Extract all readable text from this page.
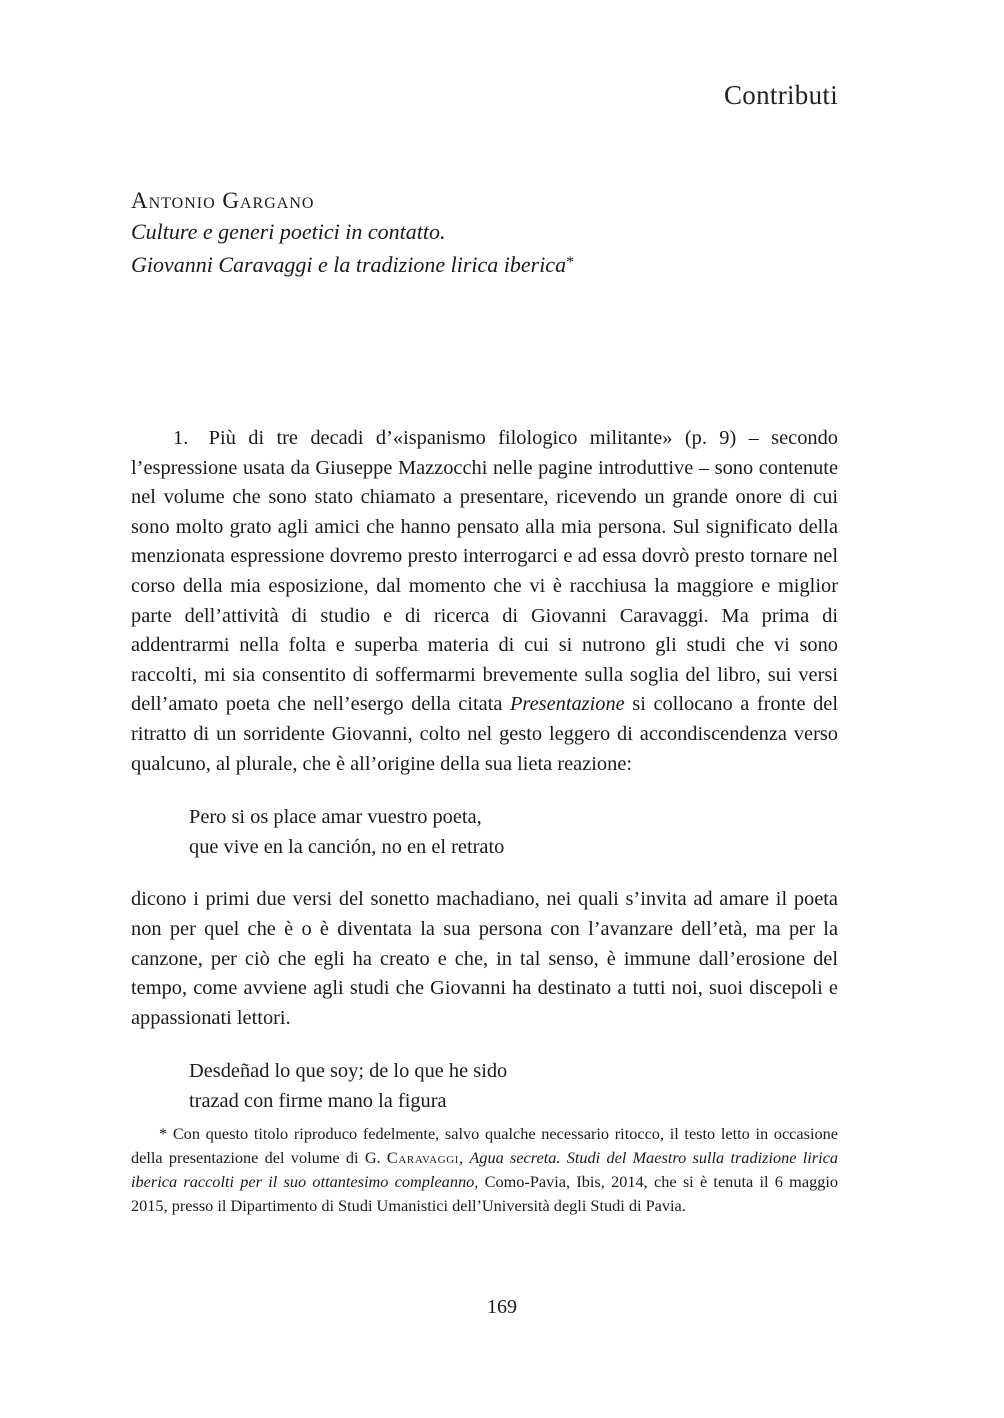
Contributi
Antonio Gargano
Culture e generi poetici in contatto.
Giovanni Caravaggi e la tradizione lirica iberica*

1. Più di tre decadi d’«ispanismo filologico militante» (p. 9) – secondo l’espressione usata da Giuseppe Mazzocchi nelle pagine introduttive – sono contenute nel volume che sono stato chiamato a presentare, ricevendo un grande onore di cui sono molto grato agli amici che hanno pensato alla mia persona. Sul significato della menzionata espressione dovremo presto interrogarci e ad essa dovrò presto tornare nel corso della mia esposizione, dal momento che vi è racchiusa la maggiore e miglior parte dell’attività di studio e di ricerca di Giovanni Caravaggi. Ma prima di addentrarmi nella folta e superba materia di cui si nutrono gli studi che vi sono raccolti, mi sia consentito di soffermarmi brevemente sulla soglia del libro, sui versi dell’amato poeta che nell’esergo della citata Presentazione si collocano a fronte del ritratto di un sorridente Giovanni, colto nel gesto leggero di accondiscendenza verso qualcuno, al plurale, che è all’origine della sua lieta reazione:

Pero si os place amar vuestro poeta,
que vive en la canción, no en el retrato

dicono i primi due versi del sonetto machadiano, nei quali s’invita ad amare il poeta non per quel che è o è diventata la sua persona con l’avanzare dell’età, ma per la canzone, per ciò che egli ha creato e che, in tal senso, è immune dall’erosione del tempo, come avviene agli studi che Giovanni ha destinato a tutti noi, suoi discepoli e appassionati lettori.

Desdeñad lo que soy; de lo que he sido
trazad con firme mano la figura
* Con questo titolo riproduco fedelmente, salvo qualche necessario ritocco, il testo letto in occasione della presentazione del volume di G. Caravaggi, Agua secreta. Studi del Maestro sulla tradizione lirica iberica raccolti per il suo ottantesimo compleanno, Como-Pavia, Ibis, 2014, che si è tenuta il 6 maggio 2015, presso il Dipartimento di Studi Umanistici dell’Università degli Studi di Pavia.
169
